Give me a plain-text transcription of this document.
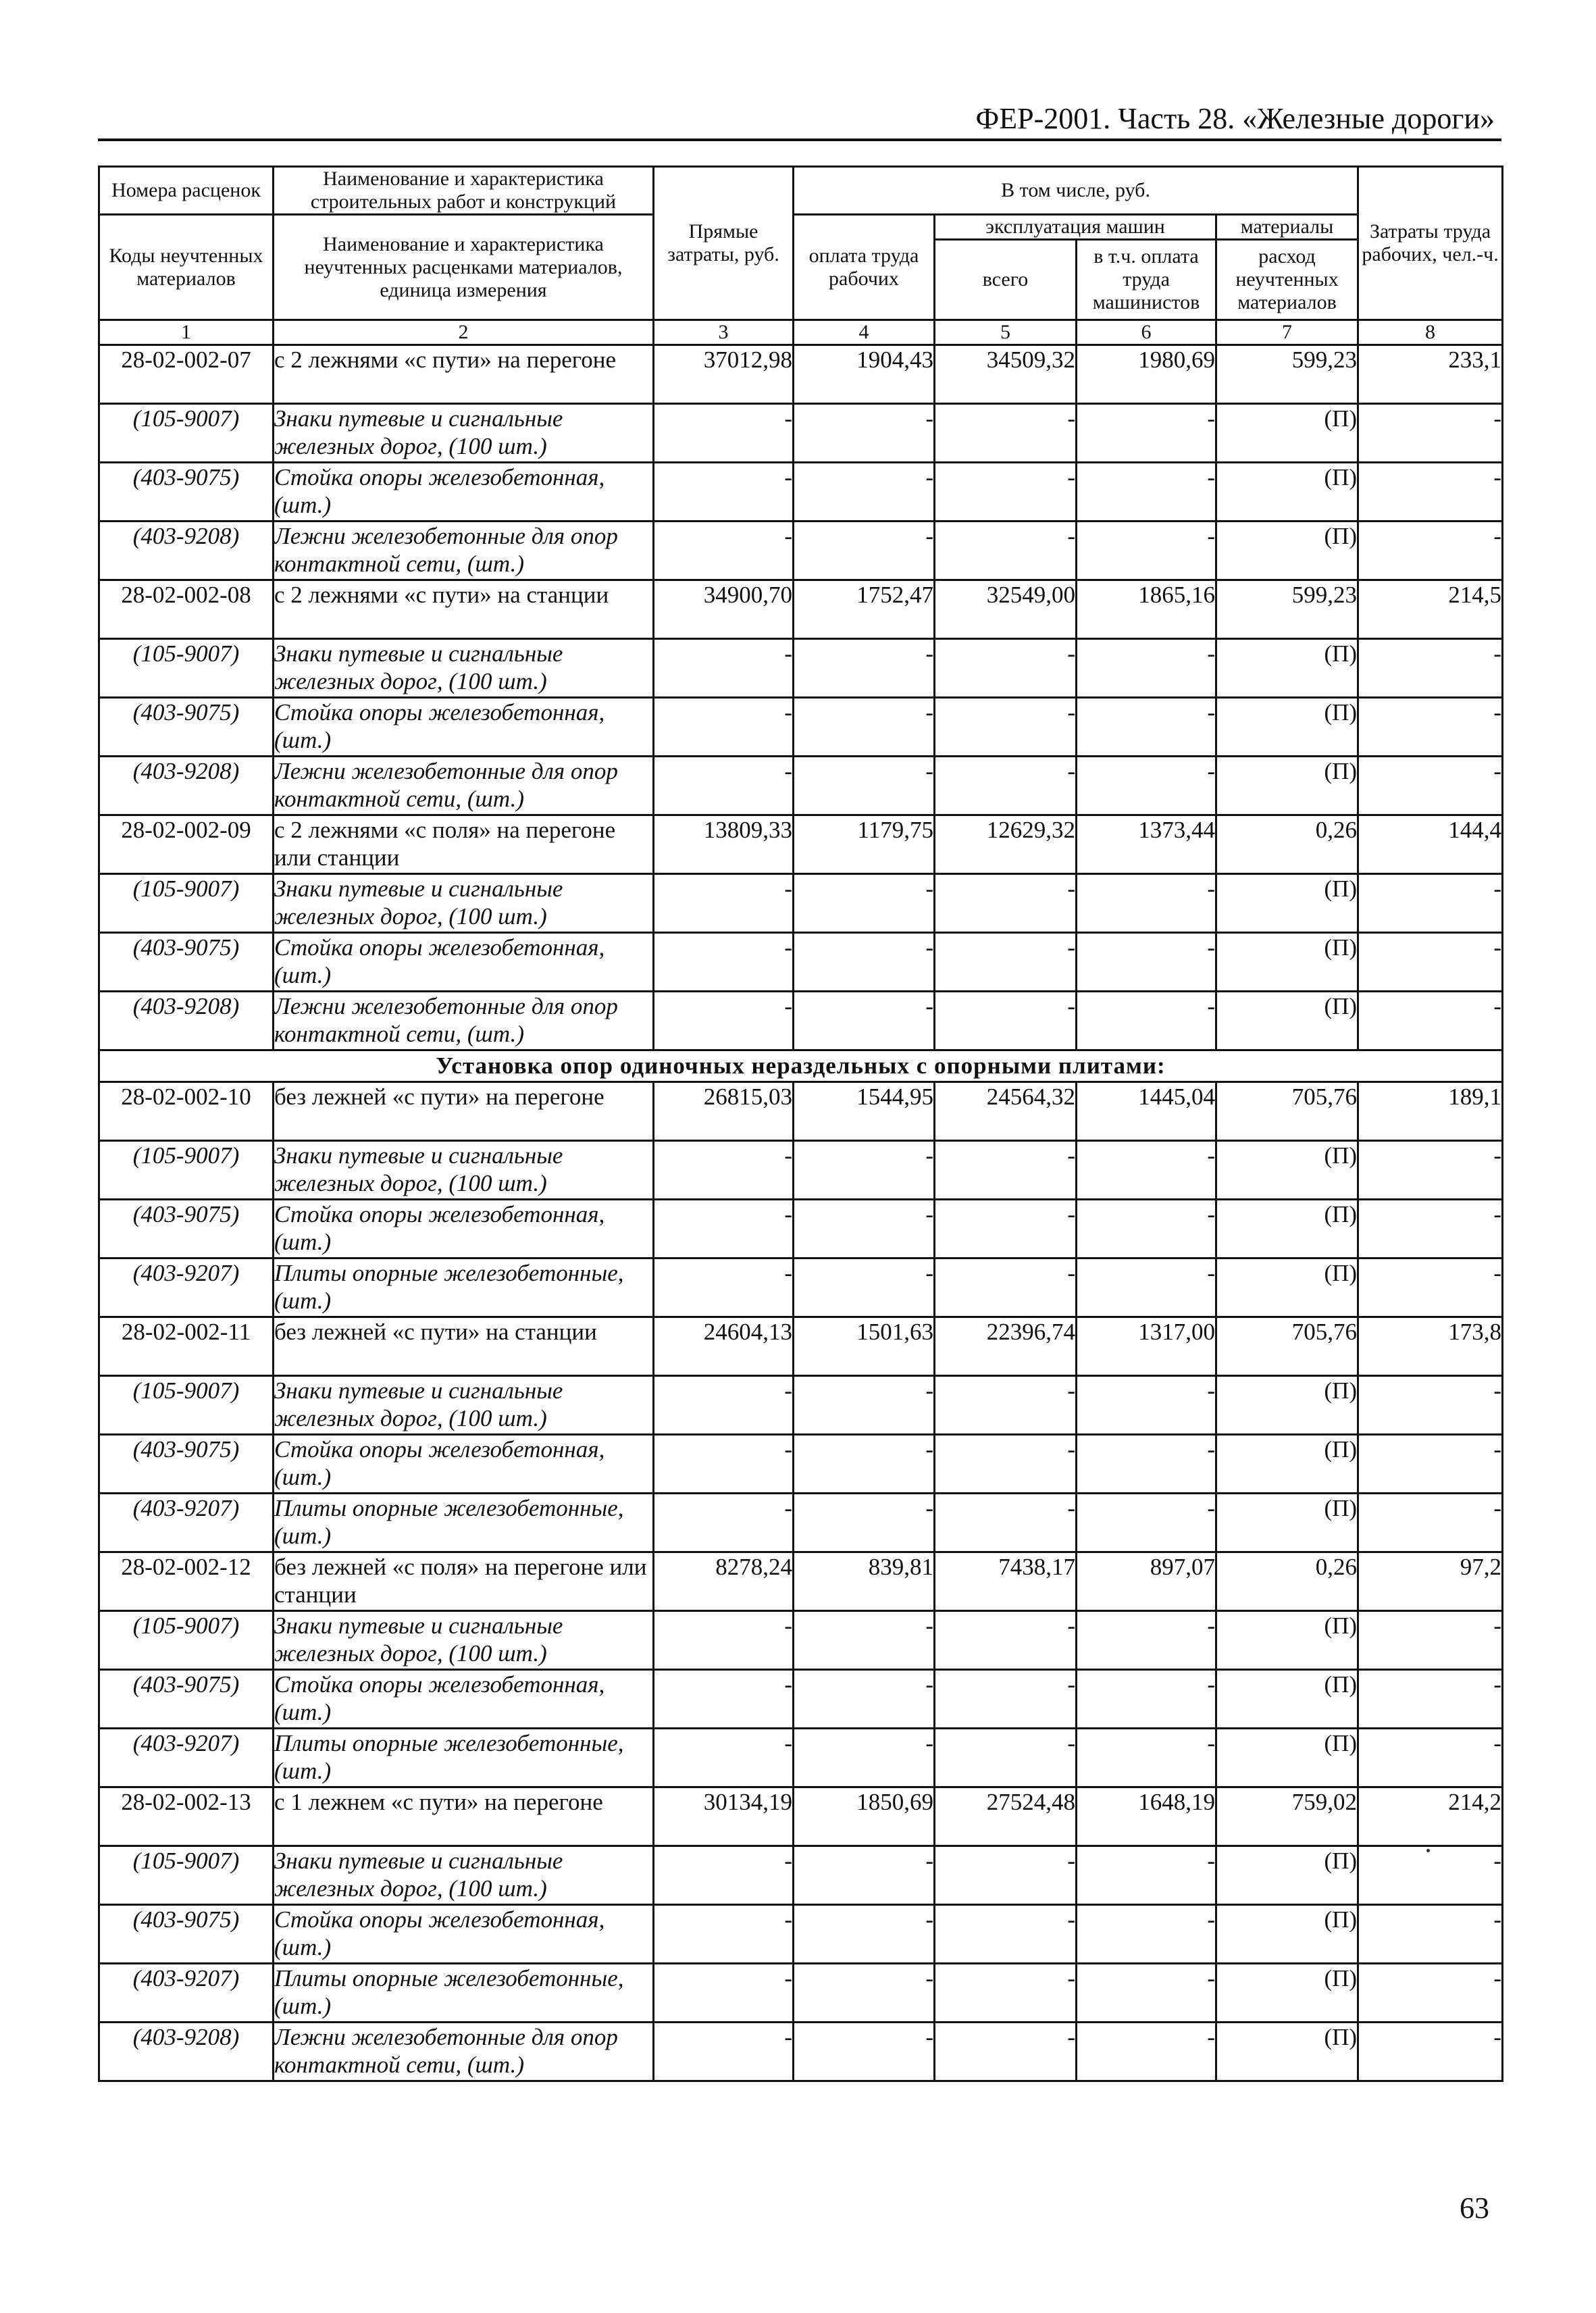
ФЕР-2001. Часть 28. «Железные дороги»
Номера расценок	Наименование и характеристика строительных работ и конструкций	Прямые затраты, руб.	В том числе, руб.				Затраты труда рабочих, чел.-ч.
Коды неучтенных материалов	Наименование и характеристика неучтенных расценками материалов, единица измерения		оплата труда рабочих	эксплуатация машин		материалы	
				всего	в т.ч. оплата труда машинистов	расход неучтенных материалов	
1	2	3	4	5	6	7	8
28-02-002-07	с 2 лежнями «с пути» на перегоне	37012,98	1904,43	34509,32	1980,69	599,23	233,1
(105-9007)	Знаки путевые и сигнальные железных дорог, (100 шт.)	-	-	-	-	(П)	-
(403-9075)	Стойка опоры железобетонная, (шт.)	-	-	-	-	(П)	-
(403-9208)	Лежни железобетонные для опор контактной сети, (шт.)	-	-	-	-	(П)	-
28-02-002-08	с 2 лежнями «с пути» на станции	34900,70	1752,47	32549,00	1865,16	599,23	214,5
(105-9007)	Знаки путевые и сигнальные железных дорог, (100 шт.)	-	-	-	-	(П)	-
(403-9075)	Стойка опоры железобетонная, (шт.)	-	-	-	-	(П)	-
(403-9208)	Лежни железобетонные для опор контактной сети, (шт.)	-	-	-	-	(П)	-
28-02-002-09	с 2 лежнями «с поля» на перегоне или станции	13809,33	1179,75	12629,32	1373,44	0,26	144,4
(105-9007)	Знаки путевые и сигнальные железных дорог, (100 шт.)	-	-	-	-	(П)	-
(403-9075)	Стойка опоры железобетонная, (шт.)	-	-	-	-	(П)	-
(403-9208)	Лежни железобетонные для опор контактной сети, (шт.)	-	-	-	-	(П)	-
Установка опор одиночных нераздельных с опорными плитами:							
28-02-002-10	без лежней «с пути» на перегоне	26815,03	1544,95	24564,32	1445,04	705,76	189,1
(105-9007)	Знаки путевые и сигнальные железных дорог, (100 шт.)	-	-	-	-	(П)	-
(403-9075)	Стойка опоры железобетонная, (шт.)	-	-	-	-	(П)	-
(403-9207)	Плиты опорные железобетонные, (шт.)	-	-	-	-	(П)	-
28-02-002-11	без лежней «с пути» на станции	24604,13	1501,63	22396,74	1317,00	705,76	173,8
(105-9007)	Знаки путевые и сигнальные железных дорог, (100 шт.)	-	-	-	-	(П)	-
(403-9075)	Стойка опоры железобетонная, (шт.)	-	-	-	-	(П)	-
(403-9207)	Плиты опорные железобетонные, (шт.)	-	-	-	-	(П)	-
28-02-002-12	без лежней «с поля» на перегоне или станции	8278,24	839,81	7438,17	897,07	0,26	97,2
(105-9007)	Знаки путевые и сигнальные железных дорог, (100 шт.)	-	-	-	-	(П)	-
(403-9075)	Стойка опоры железобетонная, (шт.)	-	-	-	-	(П)	-
(403-9207)	Плиты опорные железобетонные, (шт.)	-	-	-	-	(П)	-
28-02-002-13	с 1 лежнем «с пути» на перегоне	30134,19	1850,69	27524,48	1648,19	759,02	214,2
(105-9007)	Знаки путевые и сигнальные железных дорог, (100 шт.)	-	-	-	-	(П)	-
(403-9075)	Стойка опоры железобетонная, (шт.)	-	-	-	-	(П)	-
(403-9207)	Плиты опорные железобетонные, (шт.)	-	-	-	-	(П)	-
(403-9208)	Лежни железобетонные для опор контактной сети, (шт.)	-	-	-	-	(П)	-
63
